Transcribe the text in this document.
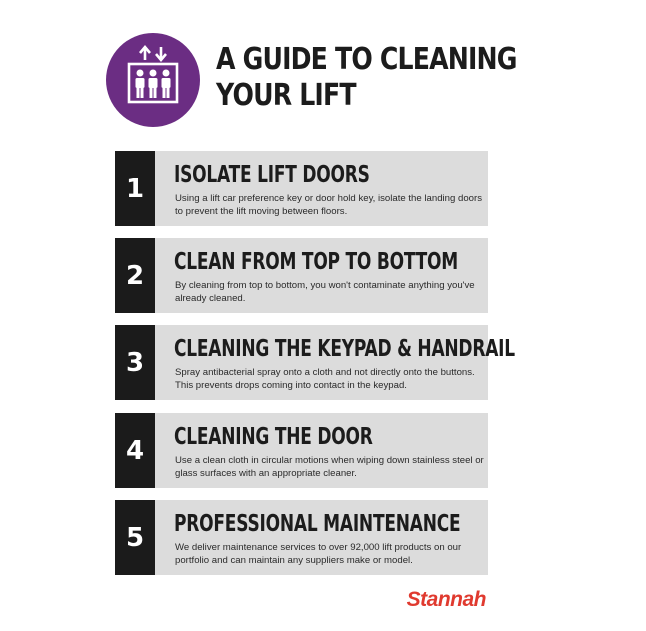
A GUIDE TO CLEANING
YOUR LIFT
1	ISOLATE LIFT DOORS
Using a lift car preference key or door hold key, isolate the landing doors to prevent the lift moving between floors.
2	CLEAN FROM TOP TO BOTTOM
By cleaning from top to bottom, you won't contaminate anything you've already cleaned.
3	CLEANING THE KEYPAD & HANDRAIL
Spray antibacterial spray onto a cloth and not directly onto the buttons. This prevents drops coming into contact in the keypad.
4	CLEANING THE DOOR
Use a clean cloth in circular motions when wiping down stainless steel or glass surfaces with an appropriate cleaner.
5	PROFESSIONAL MAINTENANCE
We deliver maintenance services to over 92,000 lift products on our portfolio and can maintain any suppliers make or model.
Stannah
